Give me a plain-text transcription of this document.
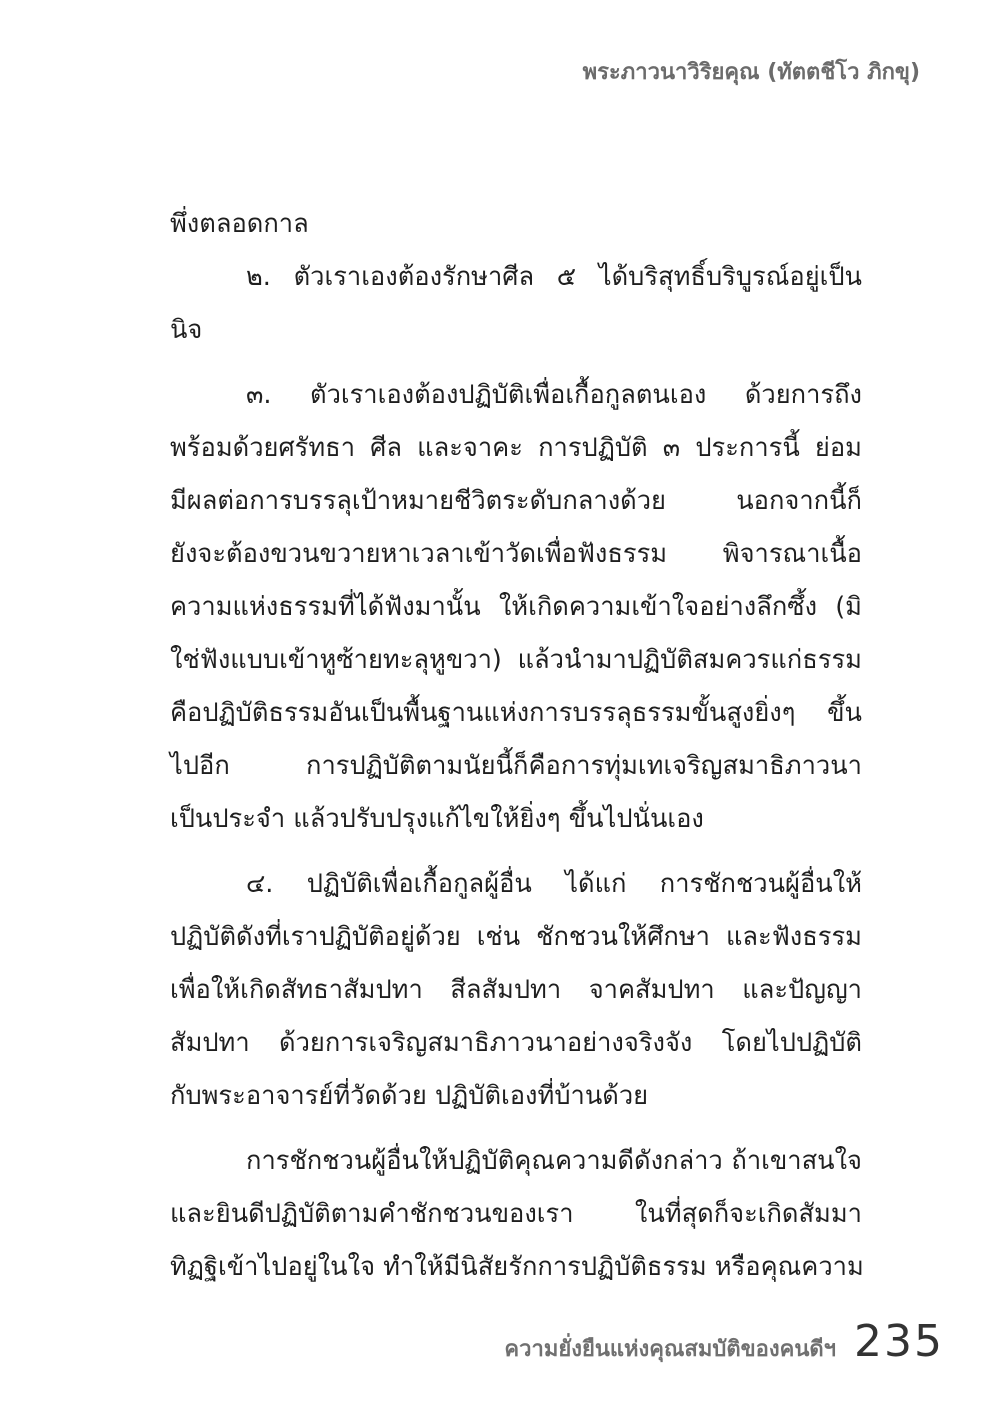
พระภาวนาวิริยคุณ (ทัตตชีโว ภิกขุ)
พึ่งตลอดกาล
๒. ตัวเราเองต้องรักษาศีล ๕ ได้บริสุทธิ์บริบูรณ์อยู่เป็น
นิจ
๓. ตัวเราเองต้องปฏิบัติเพื่อเกื้อกูลตนเอง ด้วยการถึง
พร้อมด้วยศรัทธา ศีล และจาคะ การปฏิบัติ ๓ ประการนี้ ย่อม
มีผลต่อการบรรลุเป้าหมายชีวิตระดับกลางด้วย นอกจากนี้ก็
ยังจะต้องขวนขวายหาเวลาเข้าวัดเพื่อฟังธรรม พิจารณาเนื้อ
ความแห่งธรรมที่ได้ฟังมานั้น ให้เกิดความเข้าใจอย่างลึกซึ้ง (มิ
ใช่ฟังแบบเข้าหูซ้ายทะลุหูขวา) แล้วนำมาปฏิบัติสมควรแก่ธรรม
คือปฏิบัติธรรมอันเป็นพื้นฐานแห่งการบรรลุธรรมขั้นสูงยิ่งๆ ขึ้น
ไปอีก การปฏิบัติตามนัยนี้ก็คือการทุ่มเทเจริญสมาธิภาวนา
เป็นประจำ แล้วปรับปรุงแก้ไขให้ยิ่งๆ ขึ้นไปนั่นเอง
๔. ปฏิบัติเพื่อเกื้อกูลผู้อื่น ได้แก่ การชักชวนผู้อื่นให้
ปฏิบัติดังที่เราปฏิบัติอยู่ด้วย เช่น ชักชวนให้ศึกษา และฟังธรรม
เพื่อให้เกิดสัทธาสัมปทา สีลสัมปทา จาคสัมปทา และปัญญา
สัมปทา ด้วยการเจริญสมาธิภาวนาอย่างจริงจัง โดยไปปฏิบัติ
กับพระอาจารย์ที่วัดด้วย ปฏิบัติเองที่บ้านด้วย
การชักชวนผู้อื่นให้ปฏิบัติคุณความดีดังกล่าว ถ้าเขาสนใจ
และยินดีปฏิบัติตามคำชักชวนของเรา ในที่สุดก็จะเกิดสัมมา
ทิฏฐิเข้าไปอยู่ในใจ ทำให้มีนิสัยรักการปฏิบัติธรรม หรือคุณความ
ความยั่งยืนแห่งคุณสมบัติของคนดีฯ 235
